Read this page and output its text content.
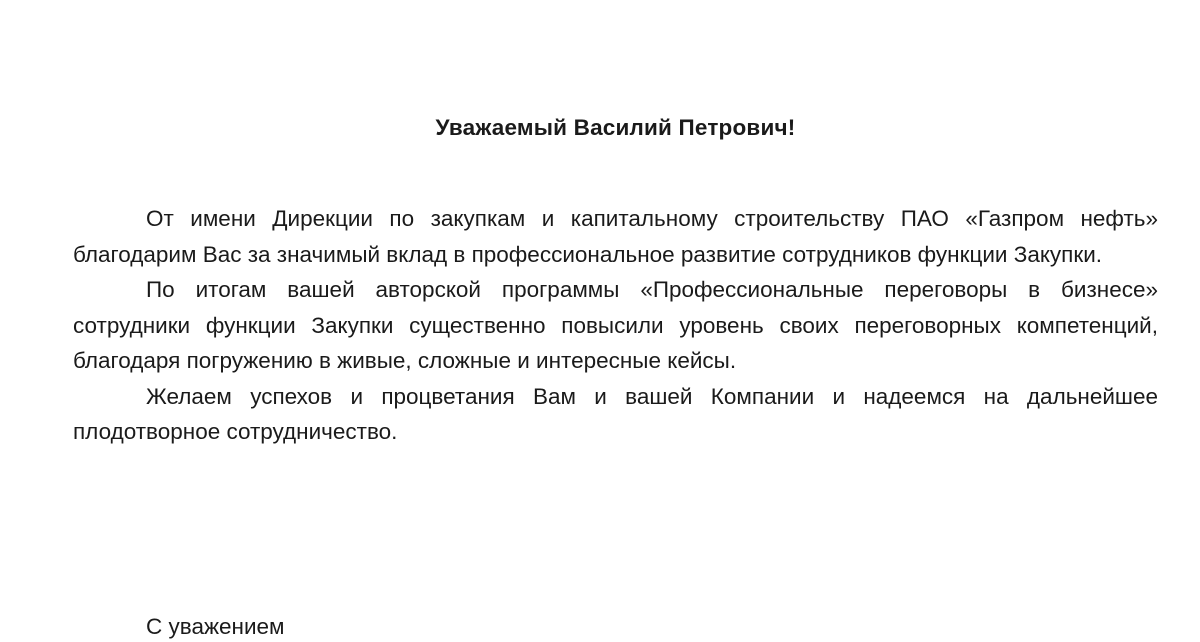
Уважаемый Василий Петрович!

От имени Дирекции по закупкам и капитальному строительству ПАО «Газпром нефть» благодарим Вас за значимый вклад в профессиональное развитие сотрудников функции Закупки.

По итогам вашей авторской программы «Профессиональные переговоры в бизнесе» сотрудники функции Закупки существенно повысили уровень своих переговорных компетенций, благодаря погружению в живые, сложные и интересные кейсы.

Желаем успехов и процветания Вам и вашей Компании и надеемся на дальнейшее плодотворное сотрудничество.

С уважением
